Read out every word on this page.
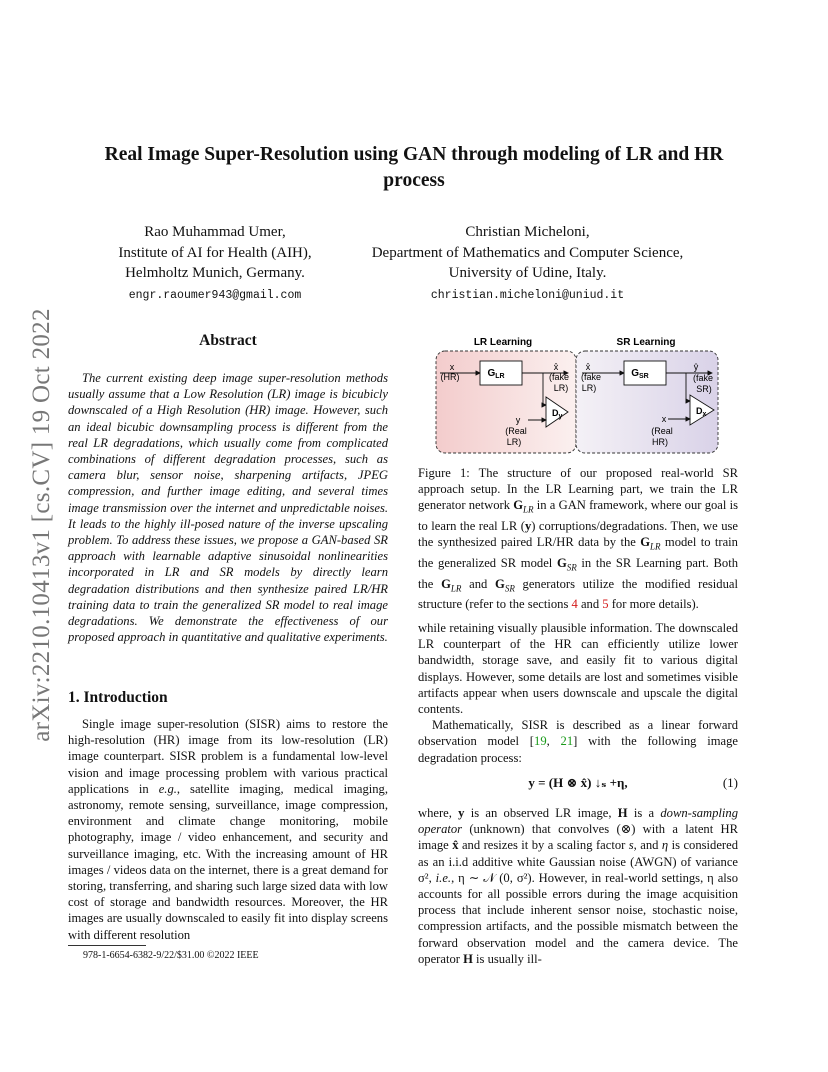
arXiv:2210.10413v1 [cs.CV] 19 Oct 2022
Real Image Super-Resolution using GAN through modeling of LR and HR process
Rao Muhammad Umer,
Institute of AI for Health (AIH),
Helmholtz Munich, Germany.
engr.raoumer943@gmail.com
Christian Micheloni,
Department of Mathematics and Computer Science,
University of Udine, Italy.
christian.micheloni@uniud.it
Abstract

The current existing deep image super-resolution methods usually assume that a Low Resolution (LR) image is bicubicly downscaled of a High Resolution (HR) image. However, such an ideal bicubic downsampling process is different from the real LR degradations, which usually come from complicated combinations of different degradation processes, such as camera blur, sensor noise, sharpening artifacts, JPEG compression, and further image editing, and several times image transmission over the internet and unpredictable noises. It leads to the highly ill-posed nature of the inverse upscaling problem. To address these issues, we propose a GAN-based SR approach with learnable adaptive sinusoidal nonlinearities incorporated in LR and SR models by directly learn degradation distributions and then synthesize paired LR/HR training data to train the generalized SR model to real image degradations. We demonstrate the effectiveness of our proposed approach in quantitative and qualitative experiments.

1. Introduction

Single image super-resolution (SISR) aims to restore the high-resolution (HR) image from its low-resolution (LR) image counterpart. SISR problem is a fundamental low-level vision and image processing problem with various practical applications in e.g., satellite imaging, medical imaging, astronomy, remote sensing, surveillance, image compression, environment and climate change monitoring, mobile photography, image / video enhancement, and security and surveillance imaging, etc. With the increasing amount of HR images / videos data on the internet, there is a great demand for storing, transferring, and sharing such large sized data with low cost of storage and bandwidth resources. Moreover, the HR images are usually downscaled to easily fit into display screens with different resolution

978-1-6654-6382-9/22/$31.00 ©2022 IEEE
LR Learning	SR Learning
x
(HR)	$G_{LR}$
x̂
(fake
LR)
$D_y$
y
(Real
LR)
x̂
(fake
LR)
$G_{SR}$
ŷ
(fake
SR)
$D_x$
x
(Real
HR)

Figure 1: The structure of our proposed real-world SR approach setup. In the LR Learning part, we train the LR generator network $G_{LR}$ in a GAN framework, where our goal is to learn the real LR (y) corruptions/degradations. Then, we use the synthesized paired LR/HR data by the $G_{LR}$ model to train the generalized SR model $G_{SR}$ in the SR Learning part. Both the $G_{LR}$ and $G_{SR}$ generators utilize the modified residual structure (refer to the sections 4 and 5 for more details).

while retaining visually plausible information. The downscaled LR counterpart of the HR can efficiently utilize lower bandwidth, storage save, and easily fit to various digital displays. However, some details are lost and sometimes visible artifacts appear when users downscale and upscale the digital contents.

Mathematically, SISR is described as a linear forward observation model [19, 21] with the following image degradation process:

y = (H ⊗ x̂) ↓ₛ +η,	(1)

where, y is an observed LR image, H is a down-sampling operator (unknown) that convolves (⊗) with a latent HR image x̂ and resizes it by a scaling factor s, and η is considered as an i.i.d additive white Gaussian noise (AWGN) of variance σ², i.e., η ∼ 𝒩 (0, σ²). However, in real-world settings, η also accounts for all possible errors during the image acquisition process that include inherent sensor noise, stochastic noise, compression artifacts, and the possible mismatch between the forward observation model and the camera device. The operator H is usually ill-
